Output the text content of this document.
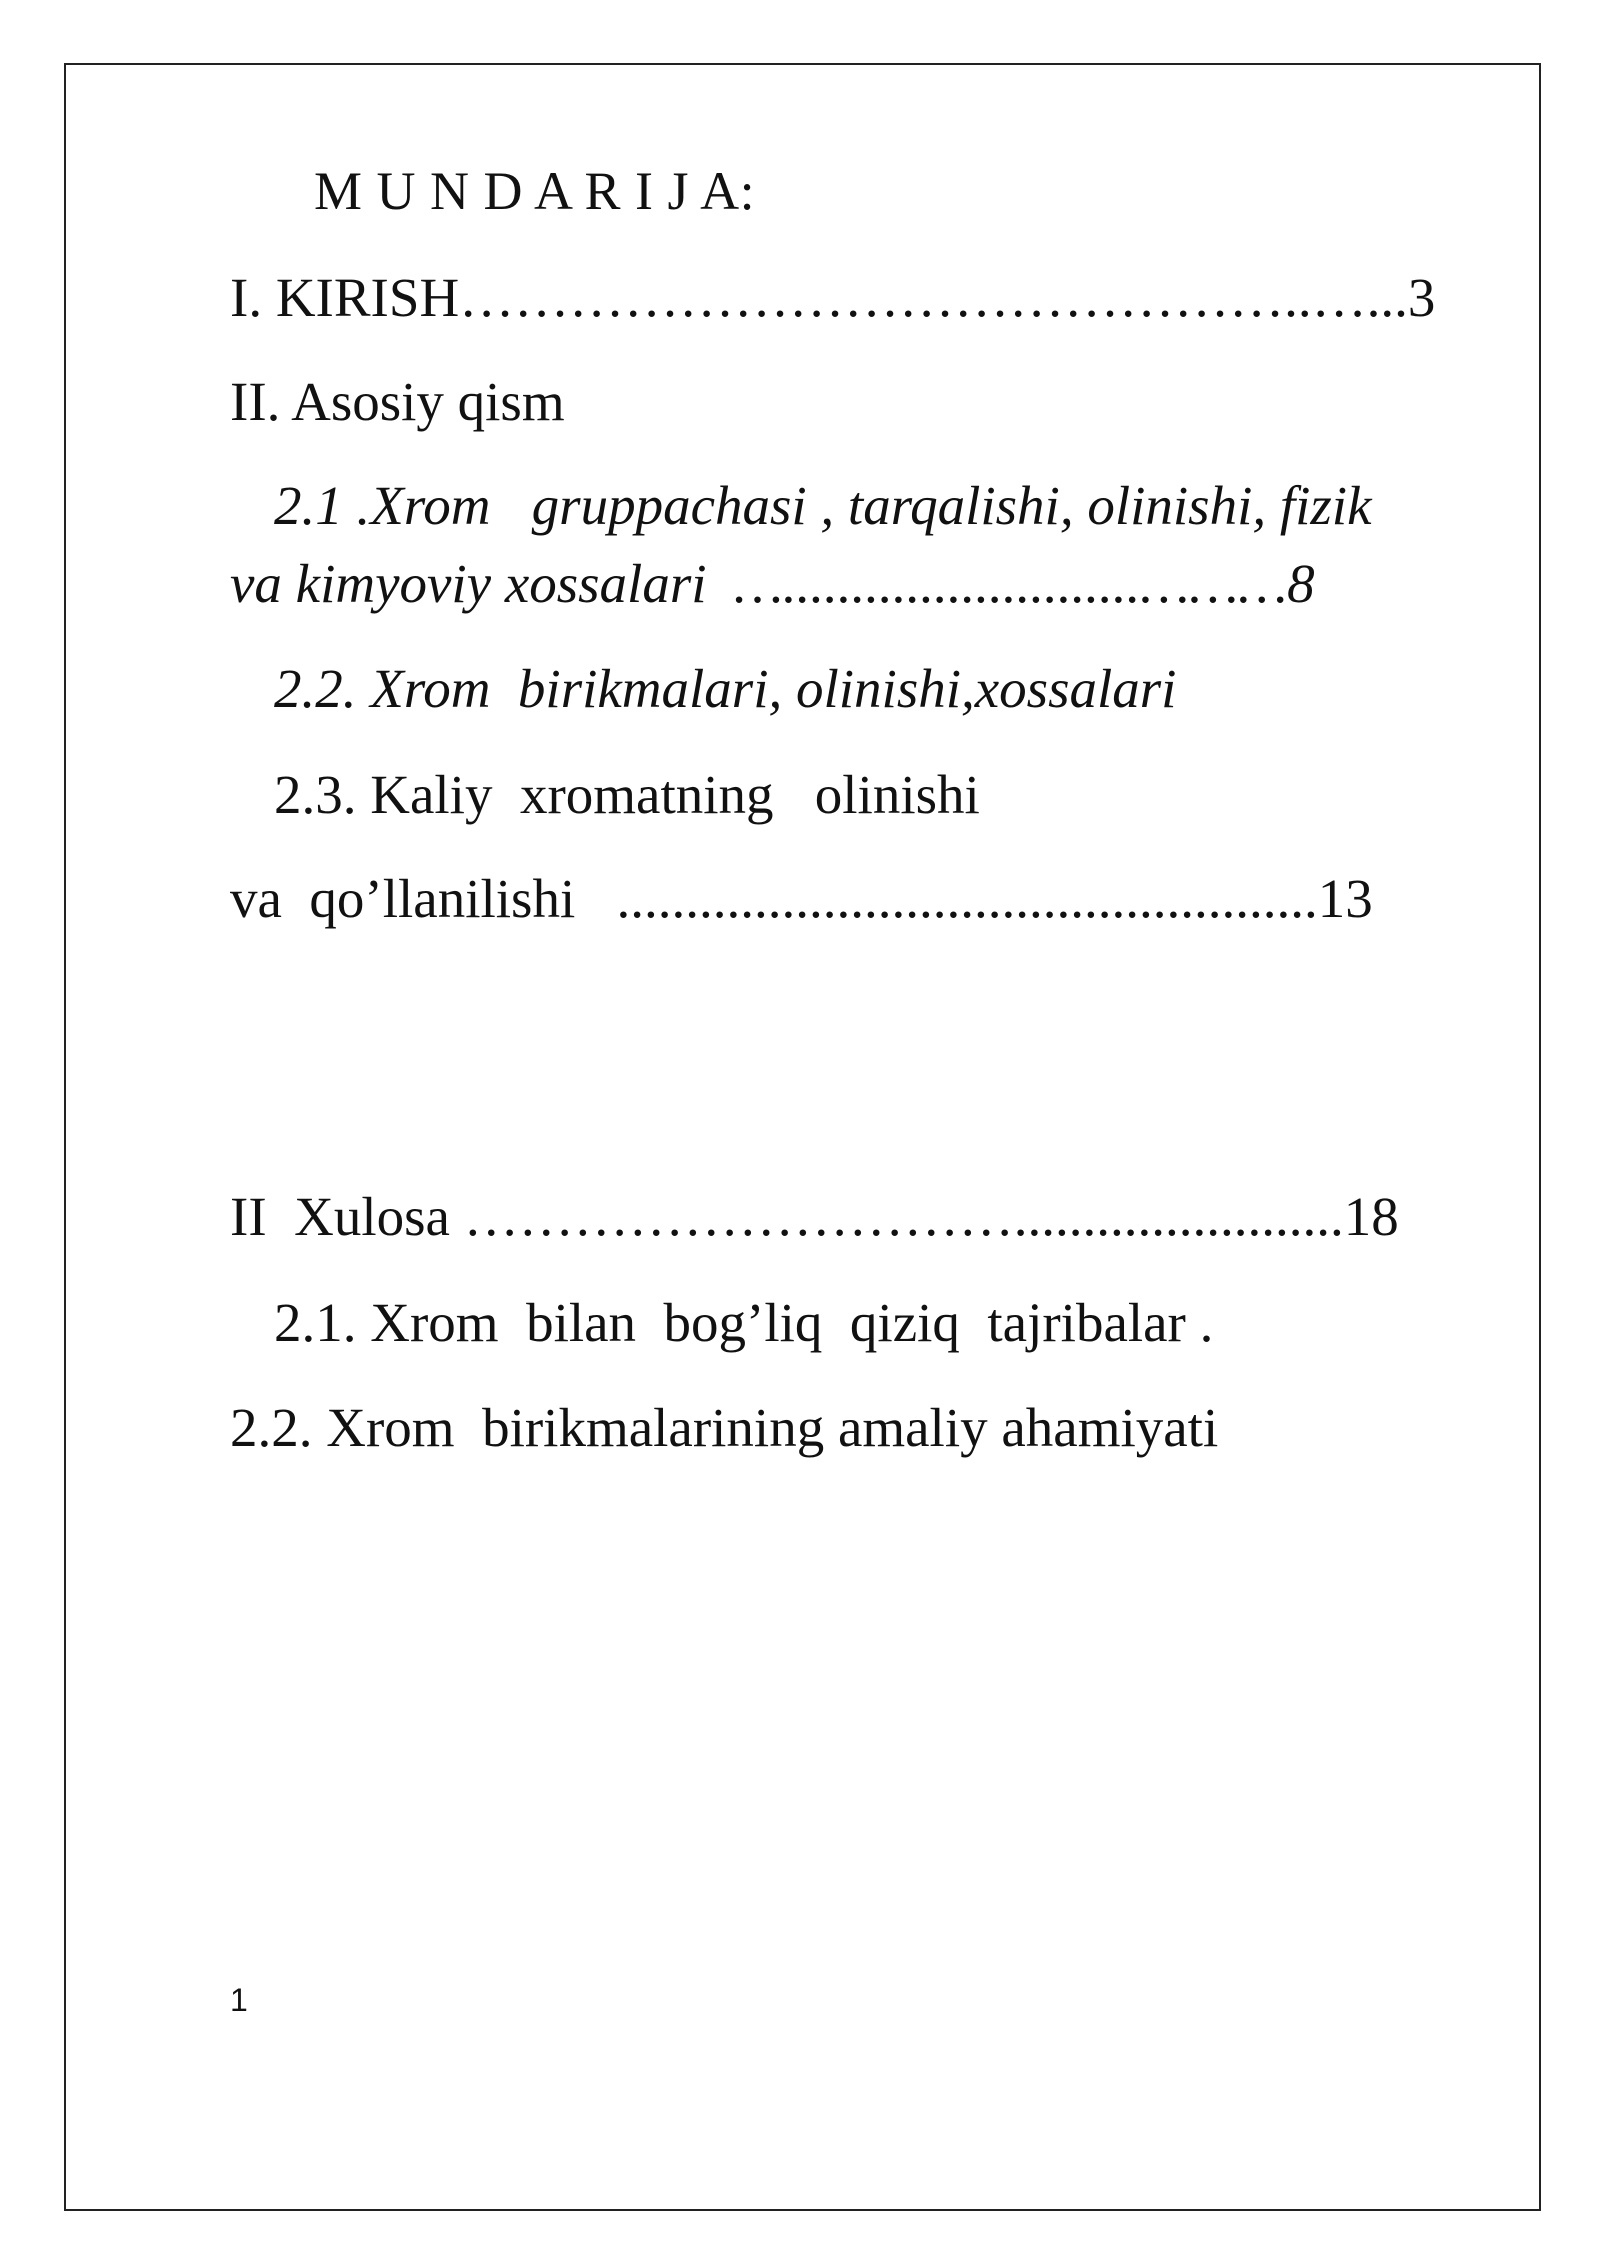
M U N D A R I J A:
I. KIRISH………………………………………..…...3
II. Asosiy qism
2.1 .Xrom   gruppachasi , tarqalishi, olinishi, fizik
va kimyoviy xossalari  …..........................………8
2.2. Xrom  birikmalari, olinishi,xossalari
2.3. Kaliy  xromatning   olinishi
va  qo’llanilishi   ...................................................13
II  Xulosa …………………………........................18
2.1. Xrom  bilan  bog’liq  qiziq  tajribalar .
2.2. Xrom  birikmalarining amaliy ahamiyati
1
